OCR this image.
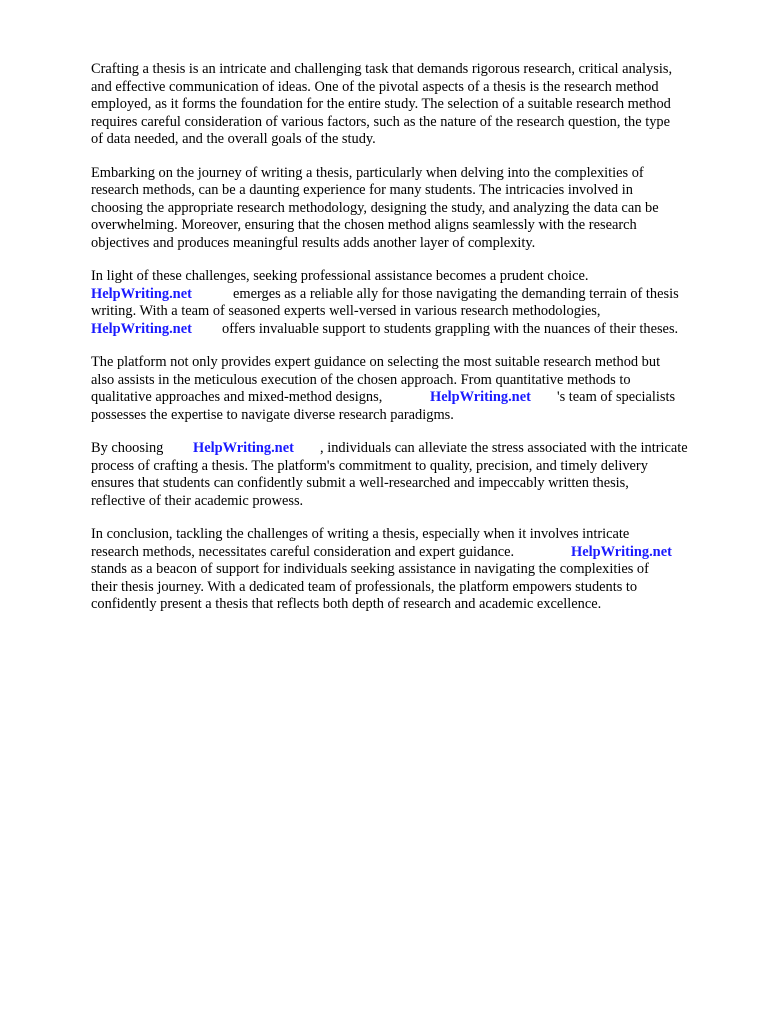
Crafting a thesis is an intricate and challenging task that demands rigorous research, critical analysis,
and effective communication of ideas. One of the pivotal aspects of a thesis is the research method
employed, as it forms the foundation for the entire study. The selection of a suitable research method
requires careful consideration of various factors, such as the nature of the research question, the type
of data needed, and the overall goals of the study.
Embarking on the journey of writing a thesis, particularly when delving into the complexities of
research methods, can be a daunting experience for many students. The intricacies involved in
choosing the appropriate research methodology, designing the study, and analyzing the data can be
overwhelming. Moreover, ensuring that the chosen method aligns seamlessly with the research
objectives and produces meaningful results adds another layer of complexity.
In light of these challenges, seeking professional assistance becomes a prudent choice.
HelpWriting.net	emerges as a reliable ally for those navigating the demanding terrain of thesis
writing. With a team of seasoned experts well-versed in various research methodologies,
HelpWriting.net offers invaluable support to students grappling with the nuances of their theses.
The platform not only provides expert guidance on selecting the most suitable research method but
also assists in the meticulous execution of the chosen approach. From quantitative methods to
qualitative approaches and mixed-method designs,	HelpWriting.net 's team of specialists
possesses the expertise to navigate diverse research paradigms.
By choosing HelpWriting.net , individuals can alleviate the stress associated with the intricate
process of crafting a thesis. The platform's commitment to quality, precision, and timely delivery
ensures that students can confidently submit a well-researched and impeccably written thesis,
reflective of their academic prowess.
In conclusion, tackling the challenges of writing a thesis, especially when it involves intricate
research methods, necessitates careful consideration and expert guidance.	HelpWriting.net
stands as a beacon of support for individuals seeking assistance in navigating the complexities of
their thesis journey. With a dedicated team of professionals, the platform empowers students to
confidently present a thesis that reflects both depth of research and academic excellence.
